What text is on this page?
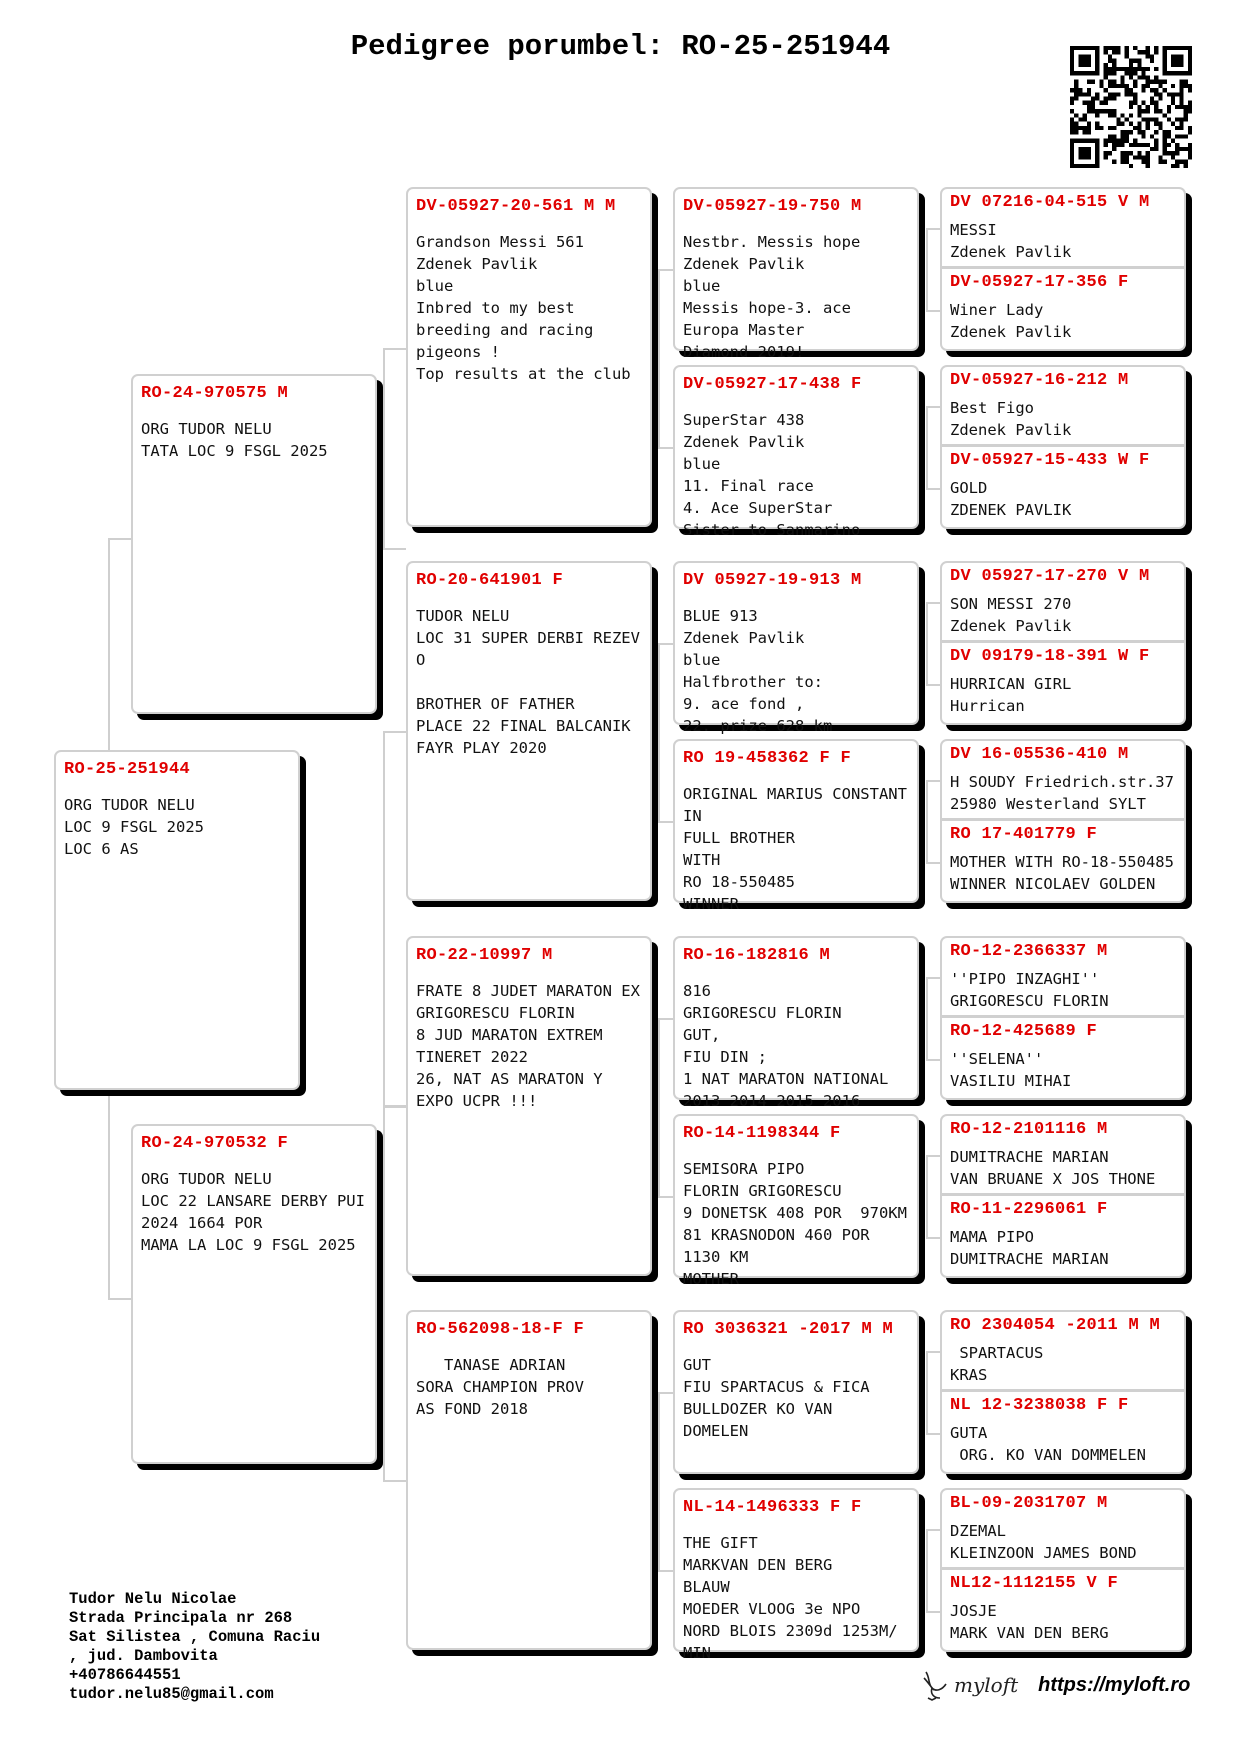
Pedigree porumbel: RO-25-251944
RO-25-251944
ORG TUDOR NELU
LOC 9 FSGL 2025
LOC 6 AS
RO-24-970575 M
ORG TUDOR NELU
TATA LOC 9 FSGL 2025
RO-24-970532 F
ORG TUDOR NELU
LOC 22 LANSARE DERBY PUI
2024 1664 POR
MAMA LA LOC 9 FSGL 2025
DV-05927-20-561 M M
Grandson Messi 561
Zdenek Pavlik
blue
Inbred to my best
breeding and racing
pigeons !
Top results at the club
RO-20-641901 F
TUDOR NELU
LOC 31 SUPER DERBI REZEV
O

BROTHER OF FATHER
PLACE 22 FINAL BALCANIK
FAYR PLAY 2020
RO-22-10997 M
FRATE 8 JUDET MARATON EX
GRIGORESCU FLORIN
8 JUD MARATON EXTREM
TINERET 2022
26, NAT AS MARATON Y
EXPO UCPR !!!
RO-562098-18-F F
TANASE ADRIAN
SORA CHAMPION PROV
AS FOND 2018
DV-05927-19-750 M
Nestbr. Messis hope
Zdenek Pavlik
blue
Messis hope-3. ace
Europa Master
Diamond 2019!
DV-05927-17-438 F
SuperStar 438
Zdenek Pavlik
blue
11. Final race
4. Ace SuperStar
Sister to Sanmarino
DV 05927-19-913 M
BLUE 913
Zdenek Pavlik
blue
Halfbrother to:
9. ace fond ,
22. prize 628 km
RO 19-458362 F F
ORIGINAL MARIUS CONSTANT
IN
FULL BROTHER
WITH
RO 18-550485
WINNER
RO-16-182816 M
816
GRIGORESCU FLORIN
GUT,
FIU DIN ;
1 NAT MARATON NATIONAL
2013 2014 2015 2016
RO-14-1198344 F
SEMISORA PIPO
FLORIN GRIGORESCU
9 DONETSK 408 POR  970KM
81 KRASNODON 460 POR
1130 KM
MOTHER
RO 3036321 -2017 M M
GUT
FIU SPARTACUS & FICA
BULLDOZER KO VAN
DOMELEN
NL-14-1496333 F F
THE GIFT
MARKVAN DEN BERG
BLAUW
MOEDER VLOOG 3e NPO
NORD BLOIS 2309d 1253M/
MIN
DV 07216-04-515 V M
MESSI
Zdenek Pavlik
DV-05927-17-356 F
Winer Lady
Zdenek Pavlik
DV-05927-16-212 M
Best Figo
Zdenek Pavlik
DV-05927-15-433 W F
GOLD
ZDENEK PAVLIK
DV 05927-17-270 V M
SON MESSI 270
Zdenek Pavlik
DV 09179-18-391 W F
HURRICAN GIRL
Hurrican
DV 16-05536-410 M
H SOUDY Friedrich.str.37
25980 Westerland SYLT
RO 17-401779 F
MOTHER WITH RO-18-550485
WINNER NICOLAEV GOLDEN
RO-12-2366337 M
''PIPO INZAGHI''
GRIGORESCU FLORIN
RO-12-425689 F
''SELENA''
VASILIU MIHAI
RO-12-2101116 M
DUMITRACHE MARIAN
VAN BRUANE X JOS THONE
RO-11-2296061 F
MAMA PIPO
DUMITRACHE MARIAN
RO 2304054 -2011 M M
SPARTACUS
KRAS
NL 12-3238038 F F
GUTA
ORG. KO VAN DOMMELEN
BL-09-2031707 M
DZEMAL
KLEINZOON JAMES BOND
NL12-1112155 V F
JOSJE
MARK VAN DEN BERG
Tudor Nelu Nicolae
Strada Principala nr 268
Sat Silistea , Comuna Raciu
, jud. Dambovita
+40786644551
tudor.nelu85@gmail.com	myloft https://myloft.ro
